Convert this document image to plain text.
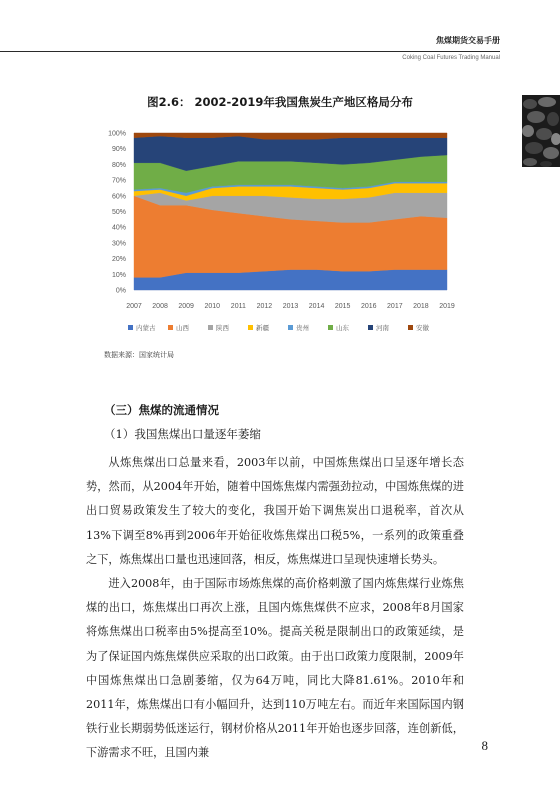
焦煤期货交易手册
Coking Coal Futures Trading Manual
图2.6： 2002-2019年我国焦炭生产地区格局分布
0%
10%
20%
30%
40%
50%
60%
70%
80%
90%
100%
2007 2008 2009 2010 2011 2012 2013 2014 2015 2016 2017 2018 2019
内蒙古	山西	陕西	新疆	贵州	山东	河南	安徽
数据来源：国家统计局
（三）焦煤的流通情况
（1）我国焦煤出口量逐年萎缩

从炼焦煤出口总量来看，2003年以前，中国炼焦煤出口呈逐年增长态势，然而，从2004年开始，随着中国炼焦煤内需强劲拉动，中国炼焦煤的进出口贸易政策发生了较大的变化，我国开始下调焦炭出口退税率，首次从13%下调至8%再到2006年开始征收炼焦煤出口税5%，一系列的政策重叠之下，炼焦煤出口量也迅速回落，相反，炼焦煤进口呈现快速增长势头。

进入2008年，由于国际市场炼焦煤的高价格刺激了国内炼焦煤行业炼焦煤的出口，炼焦煤出口再次上涨，且国内炼焦煤供不应求，2008年8月国家将炼焦煤出口税率由5%提高至10%。提高关税是限制出口的政策延续，是为了保证国内炼焦煤供应采取的出口政策。由于出口政策力度限制，2009年中国炼焦煤出口急剧萎缩，仅为64万吨，同比大降81.61%。2010年和2011年，炼焦煤出口有小幅回升，达到110万吨左右。而近年来国际国内钢铁行业长期弱势低迷运行，钢材价格从2011年开始也逐步回落，连创新低，下游需求不旺，且国内兼	8
